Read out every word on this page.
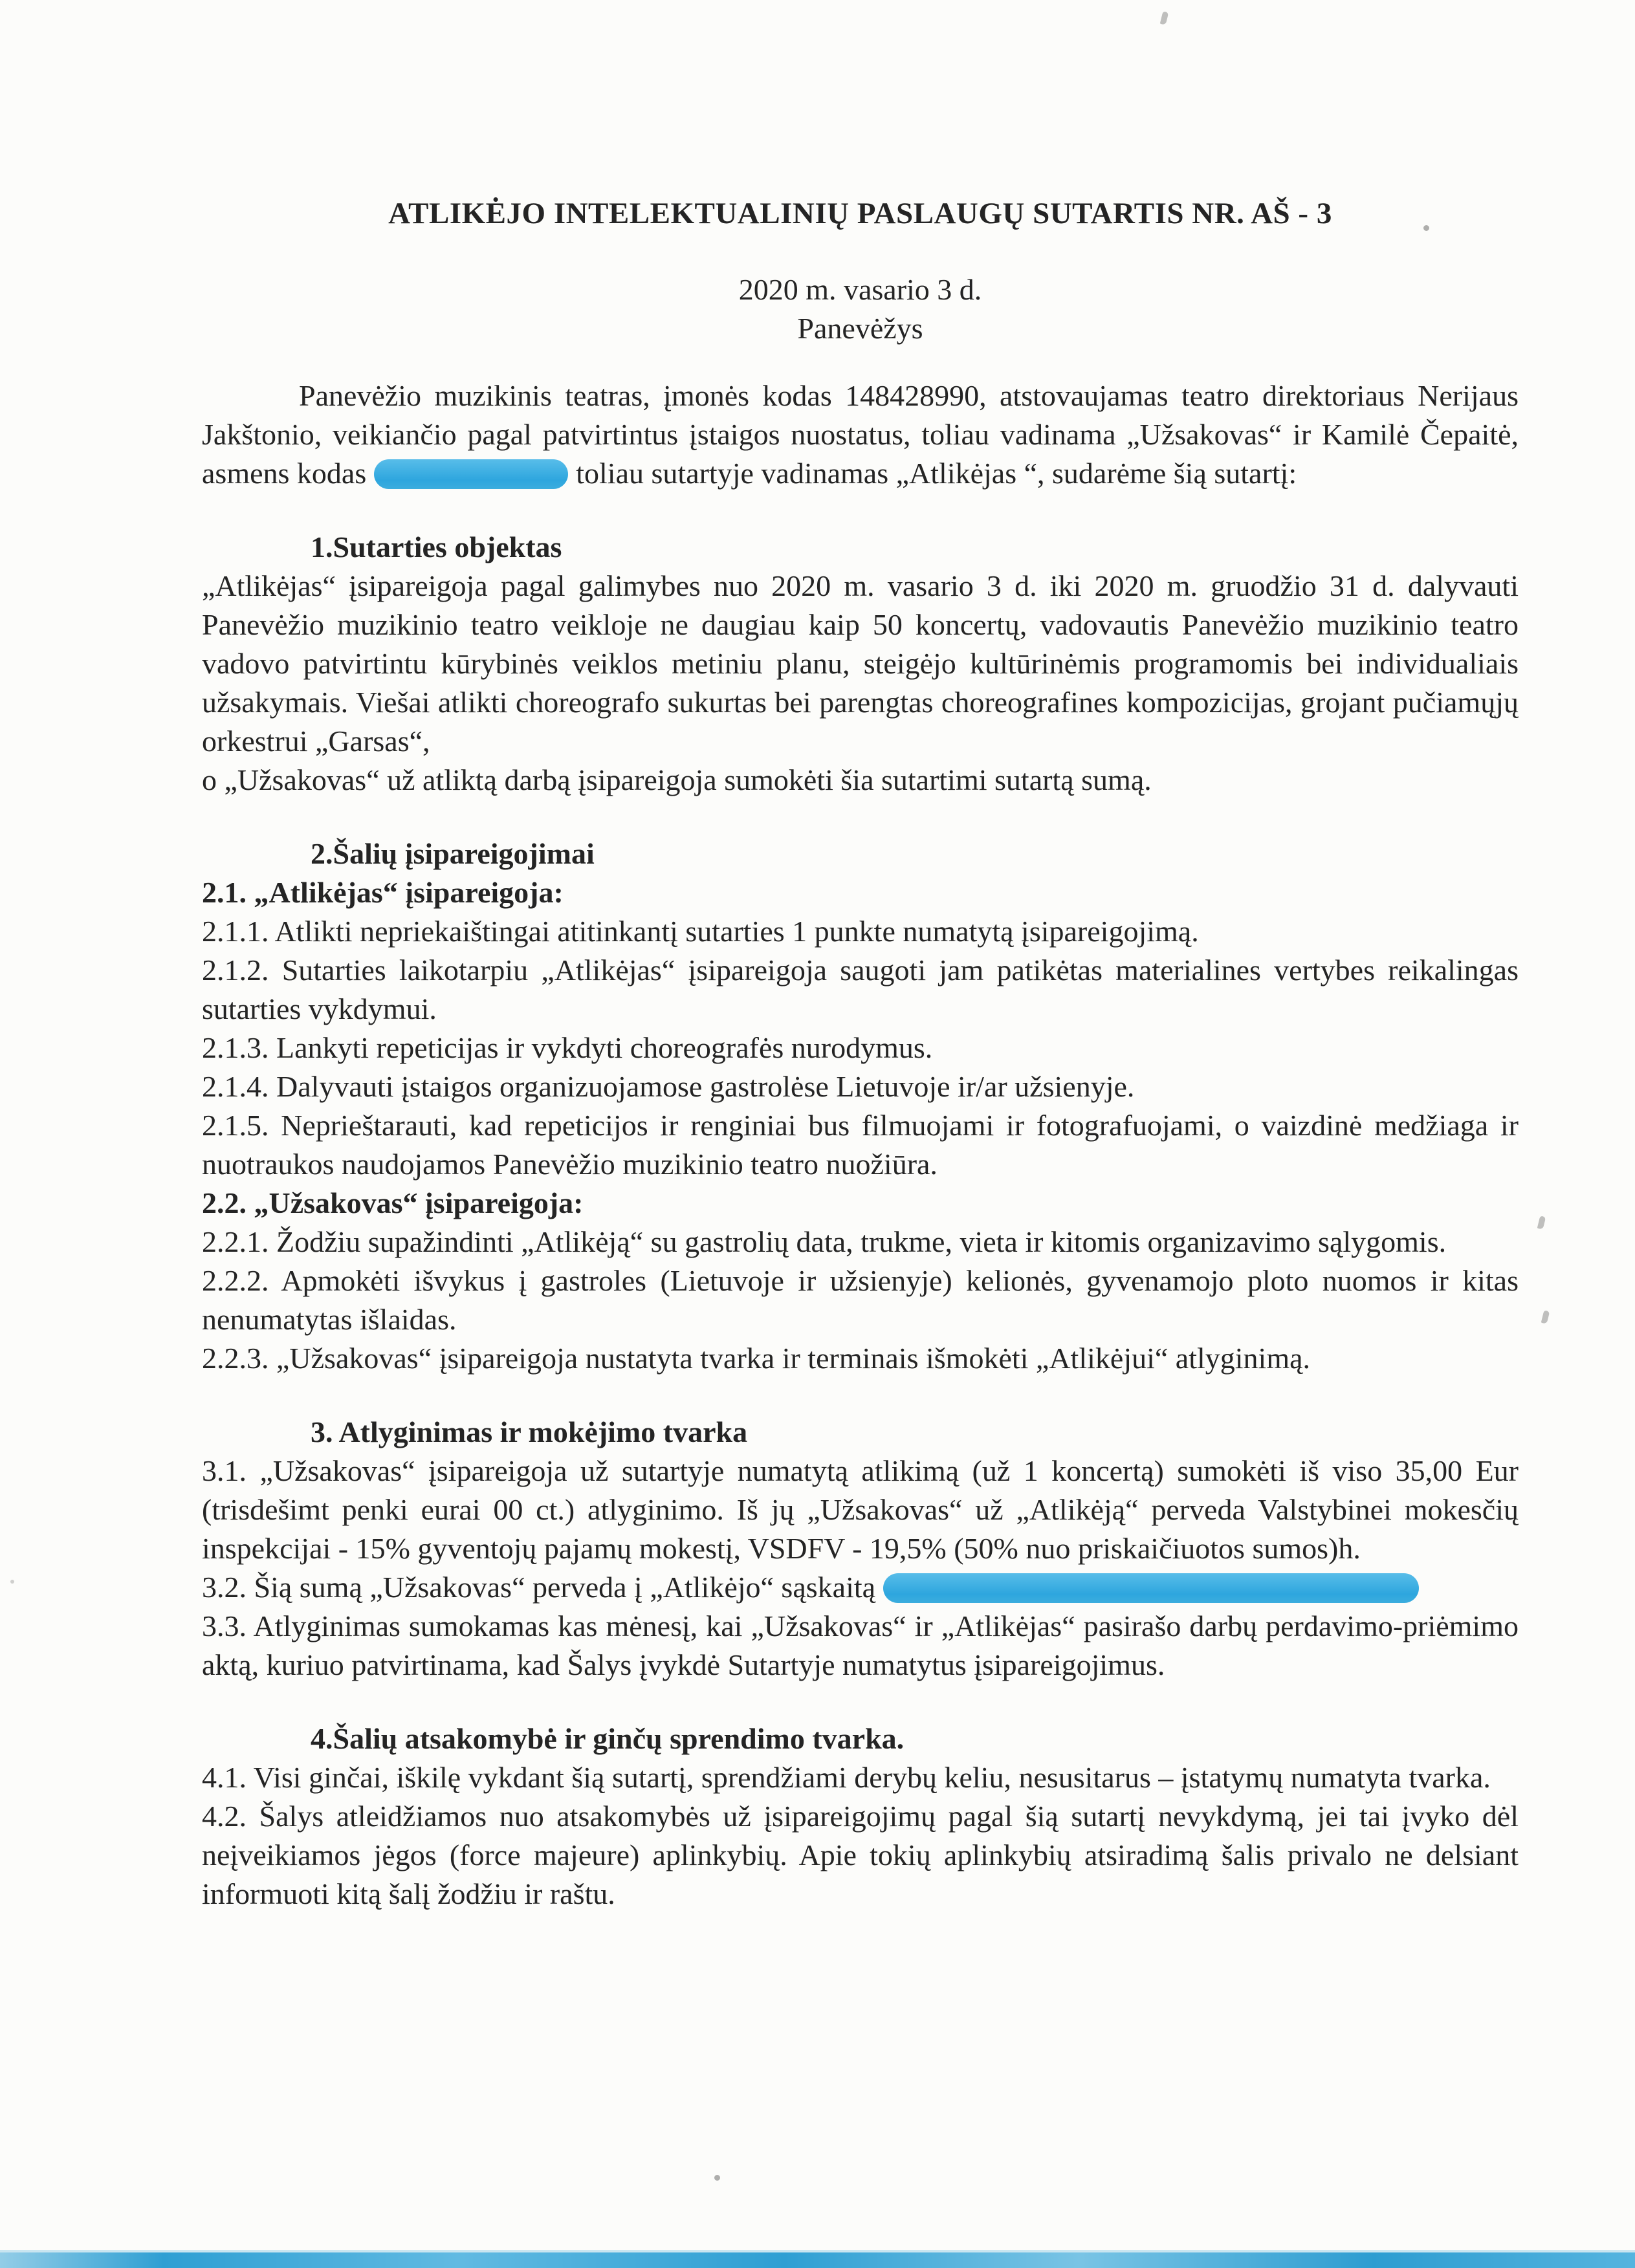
ATLIKĖJO INTELEKTUALINIŲ PASLAUGŲ SUTARTIS NR. AŠ - 3

2020 m. vasario 3 d.

Panevėžys

Panevėžio muzikinis teatras, įmonės kodas 148428990, atstovaujamas teatro direktoriaus Nerijaus Jakštonio, veikiančio pagal patvirtintus įstaigos nuostatus, toliau vadinama „Užsakovas“ ir Kamilė Čepaitė, asmens kodas	toliau sutartyje vadinamas „Atlikėjas “, sudarėme šią sutartį:

1.Sutarties objektas

„Atlikėjas“ įsipareigoja pagal galimybes nuo 2020 m. vasario 3 d. iki 2020 m. gruodžio 31 d. dalyvauti Panevėžio muzikinio teatro veikloje ne daugiau kaip 50 koncertų, vadovautis Panevėžio muzikinio teatro vadovo patvirtintu kūrybinės veiklos metiniu planu, steigėjo kultūrinėmis programomis bei individualiais užsakymais. Viešai atlikti choreografo sukurtas bei parengtas choreografines kompozicijas, grojant pučiamųjų orkestrui „Garsas“,

o „Užsakovas“ už atliktą darbą įsipareigoja sumokėti šia sutartimi sutartą sumą.

2.Šalių įsipareigojimai

2.1. „Atlikėjas“ įsipareigoja:

2.1.1. Atlikti nepriekaištingai atitinkantį sutarties 1 punkte numatytą įsipareigojimą.

2.1.2. Sutarties laikotarpiu „Atlikėjas“ įsipareigoja saugoti jam patikėtas materialines vertybes reikalingas sutarties vykdymui.

2.1.3. Lankyti repeticijas ir vykdyti choreografės nurodymus.

2.1.4. Dalyvauti įstaigos organizuojamose gastrolėse Lietuvoje ir/ar užsienyje.

2.1.5. Neprieštarauti, kad repeticijos ir renginiai bus filmuojami ir fotografuojami, o vaizdinė medžiaga ir nuotraukos naudojamos Panevėžio muzikinio teatro nuožiūra.

2.2. „Užsakovas“ įsipareigoja:

2.2.1. Žodžiu supažindinti „Atlikėją“ su gastrolių data, trukme, vieta ir kitomis organizavimo sąlygomis.

2.2.2. Apmokėti išvykus į gastroles (Lietuvoje ir užsienyje) kelionės, gyvenamojo ploto nuomos ir kitas nenumatytas išlaidas.

2.2.3. „Užsakovas“ įsipareigoja nustatyta tvarka ir terminais išmokėti „Atlikėjui“ atlyginimą.

3. Atlyginimas ir mokėjimo tvarka

3.1. „Užsakovas“ įsipareigoja už sutartyje numatytą atlikimą (už 1 koncertą) sumokėti iš viso 35,00 Eur (trisdešimt penki eurai 00 ct.) atlyginimo. Iš jų „Užsakovas“ už „Atlikėją“ perveda Valstybinei mokesčių inspekcijai - 15% gyventojų pajamų mokestį, VSDFV - 19,5% (50% nuo priskaičiuotos sumos)h.

3.2. Šią sumą „Užsakovas“ perveda į „Atlikėjo“ sąskaitą

3.3. Atlyginimas sumokamas kas mėnesį, kai „Užsakovas“ ir „Atlikėjas“ pasirašo darbų perdavimo-priėmimo aktą, kuriuo patvirtinama, kad Šalys įvykdė Sutartyje numatytus įsipareigojimus.

4.Šalių atsakomybė ir ginčų sprendimo tvarka.

4.1. Visi ginčai, iškilę vykdant šią sutartį, sprendžiami derybų keliu, nesusitarus – įstatymų numatyta tvarka.

4.2. Šalys atleidžiamos nuo atsakomybės už įsipareigojimų pagal šią sutartį nevykdymą, jei tai įvyko dėl neįveikiamos jėgos (force majeure) aplinkybių. Apie tokių aplinkybių atsiradimą šalis privalo ne delsiant informuoti kitą šalį žodžiu ir raštu.
